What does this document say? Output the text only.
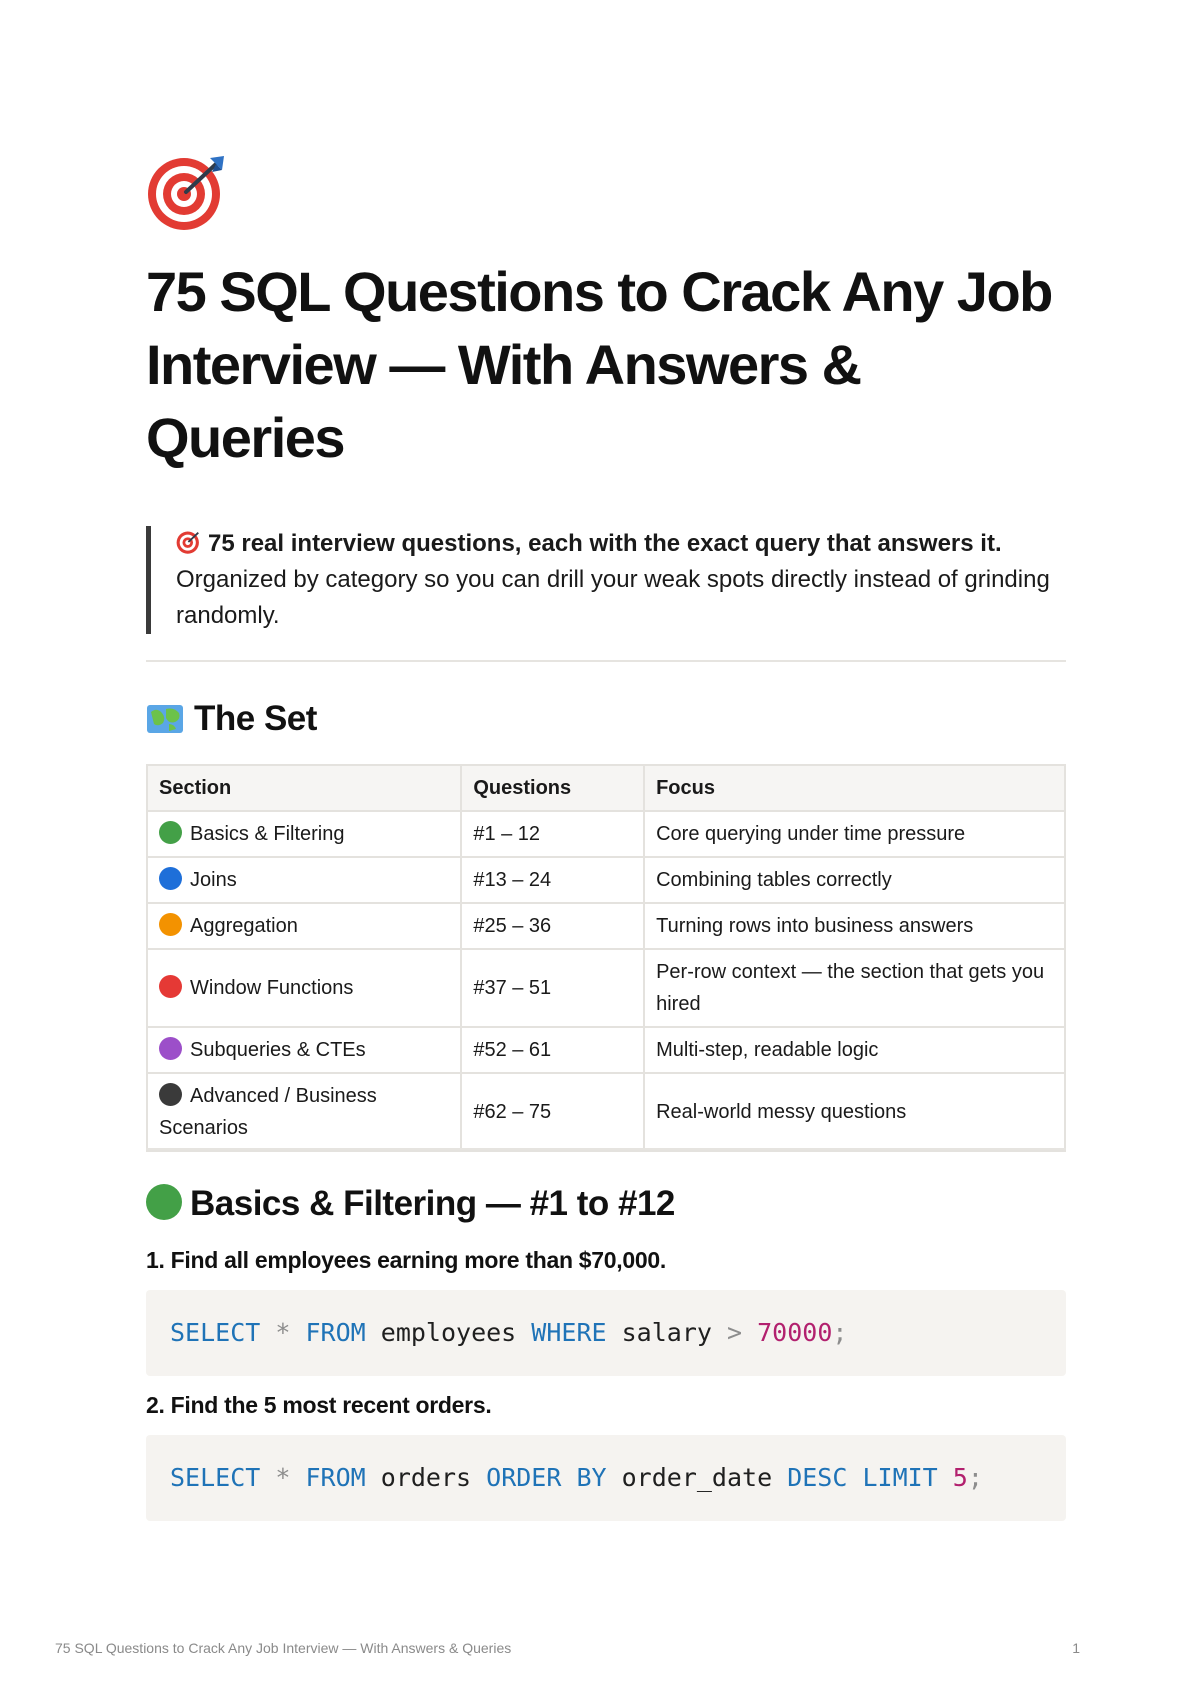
75 SQL Questions to Crack Any Job Interview — With Answers & Queries

75 real interview questions, each with the exact query that answers it. Organized by category so you can drill your weak spots directly instead of grinding randomly.

The Set
Section	Questions	Focus
Basics & Filtering	#1 – 12	Core querying under time pressure
Joins	#13 – 24	Combining tables correctly
Aggregation	#25 – 36	Turning rows into business answers
Window Functions	#37 – 51	Per-row context — the section that gets you hired
Subqueries & CTEs	#52 – 61	Multi-step, readable logic
Advanced / Business Scenarios	#62 – 75	Real-world messy questions
Basics & Filtering — #1 to #12

1. Find all employees earning more than $70,000.

SELECT * FROM employees WHERE salary > 70000;

2. Find the 5 most recent orders.

SELECT * FROM orders ORDER BY order_date DESC LIMIT 5;
75 SQL Questions to Crack Any Job Interview — With Answers & Queries	1
